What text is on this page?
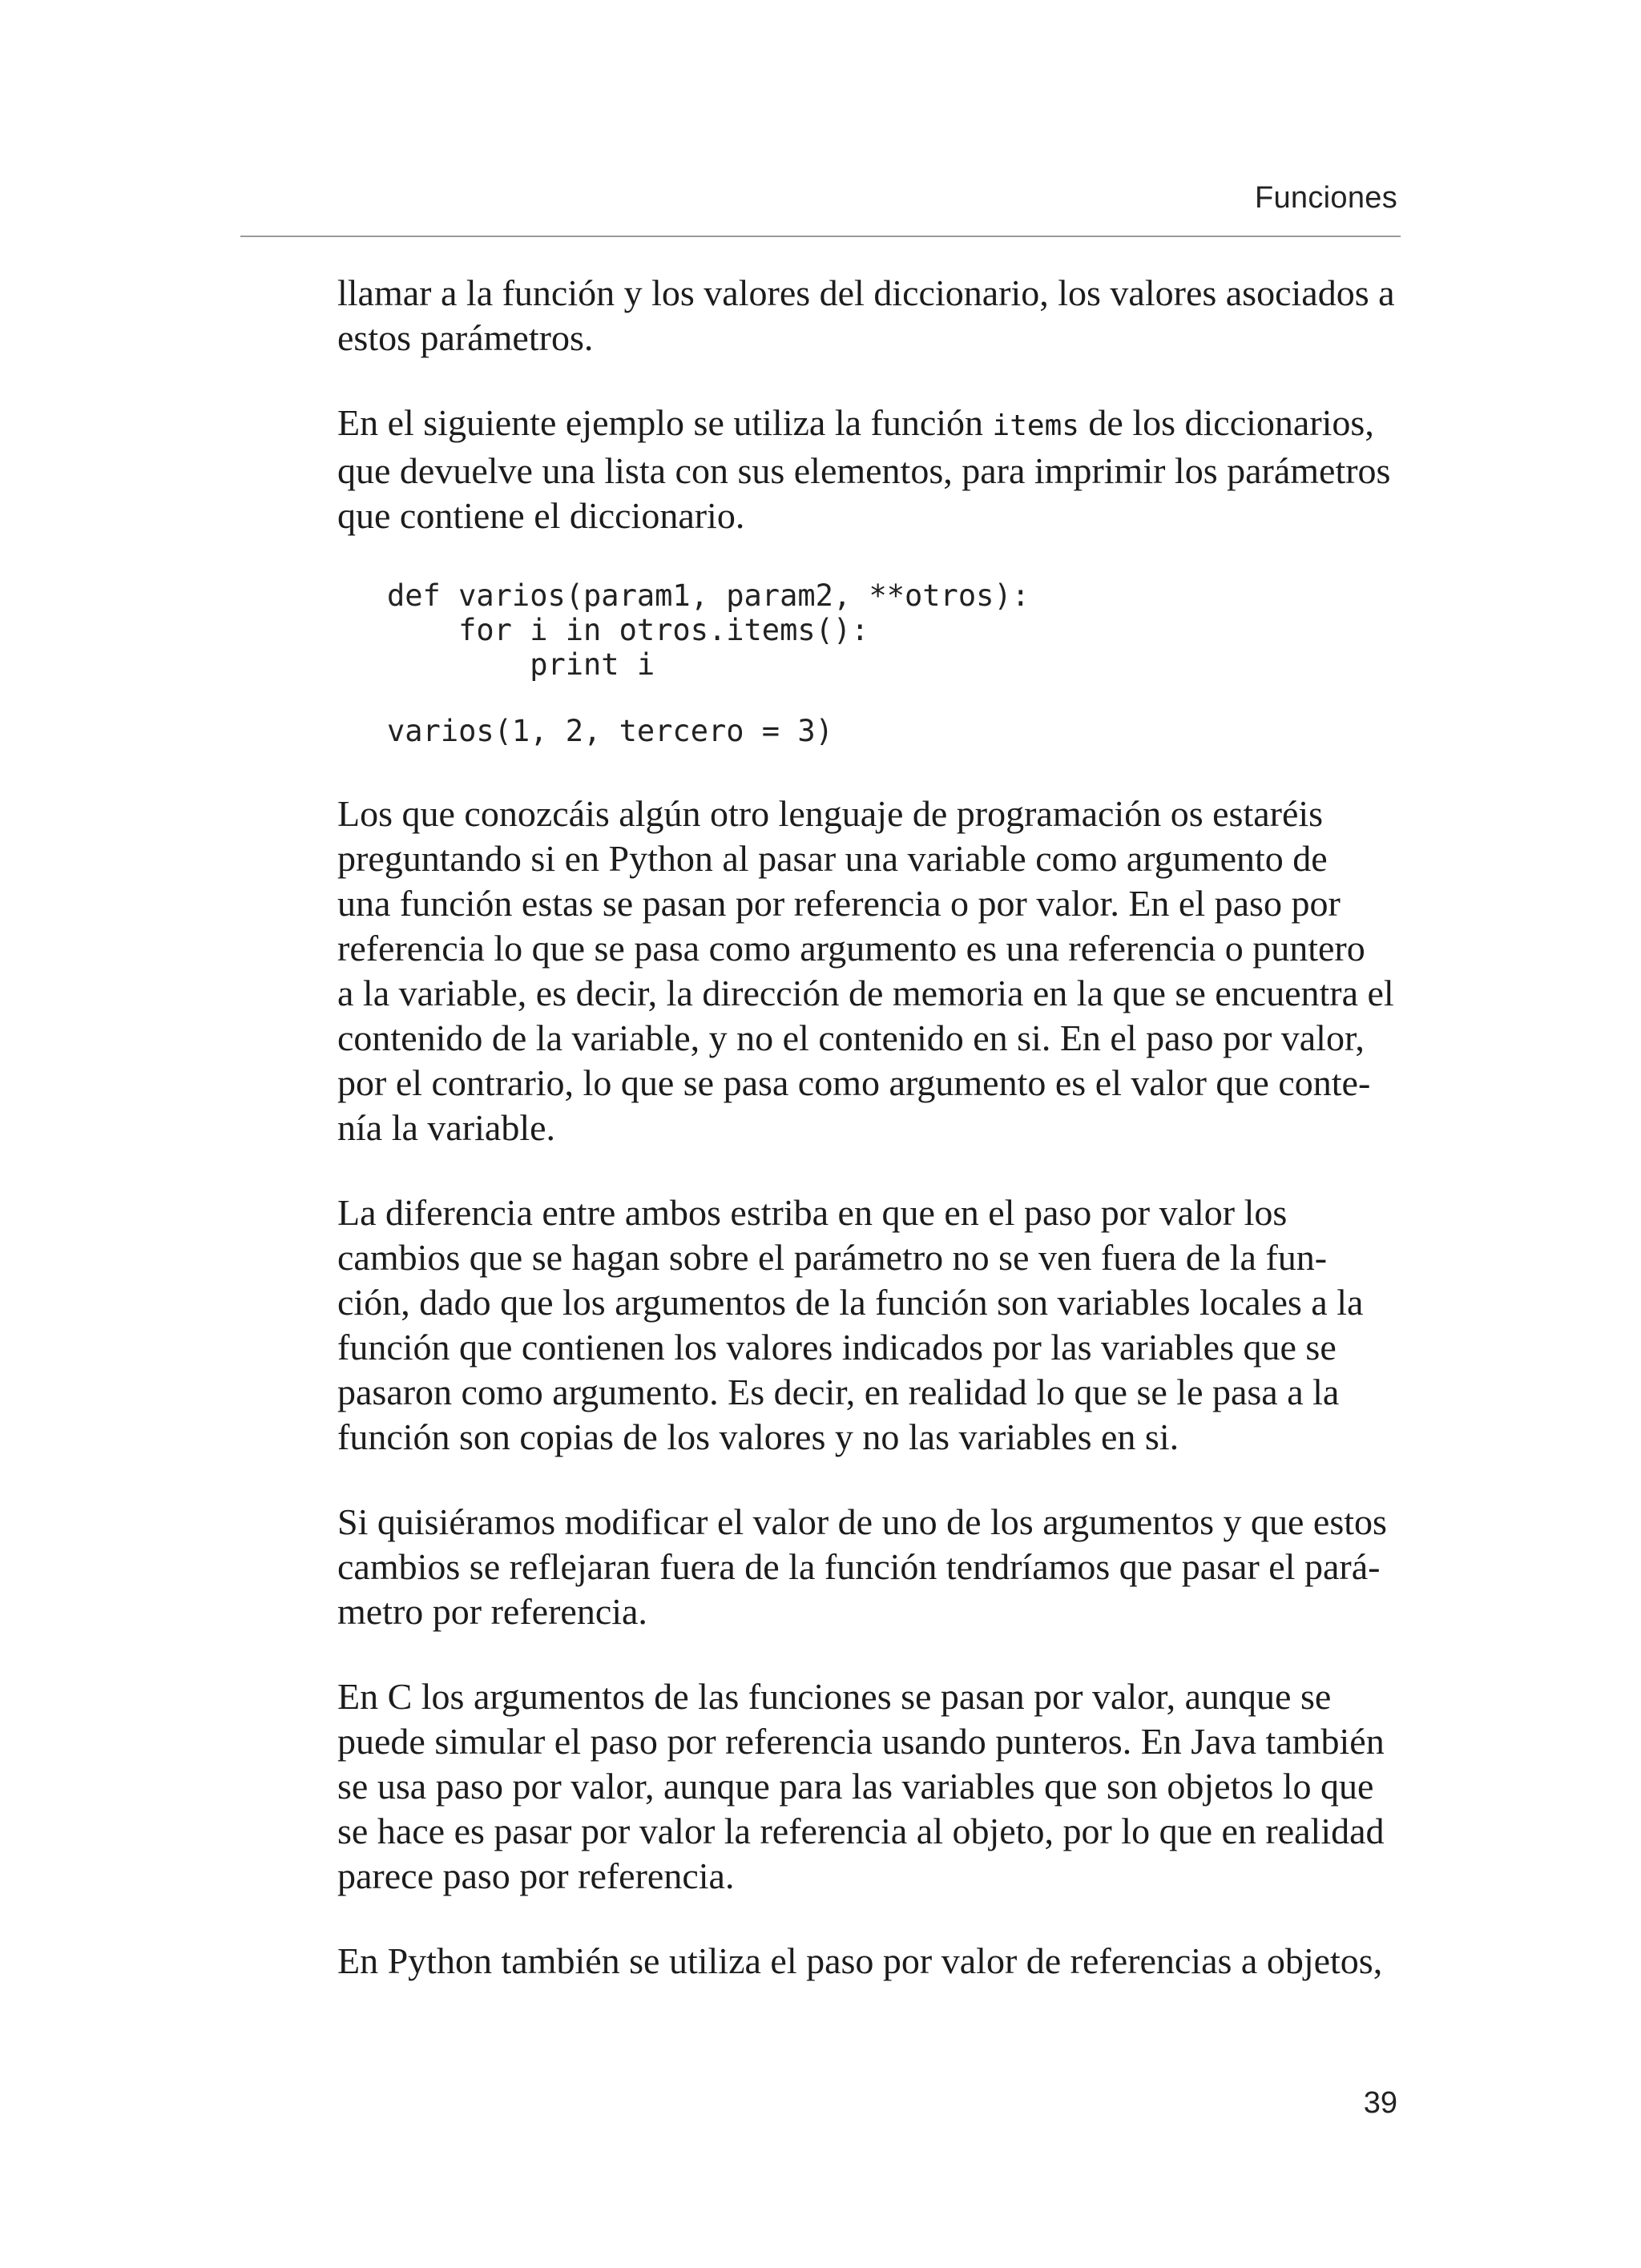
Funciones

llamar a la función y los valores del diccionario, los valores asociados a
estos parámetros.

En el siguiente ejemplo se utiliza la función items de los diccionarios,
que devuelve una lista con sus elementos, para imprimir los parámetros
que contiene el diccionario.

def varios(param1, param2, **otros):
for i in otros.items():
print i
varios(1, 2, tercero = 3)

Los que conozcáis algún otro lenguaje de programación os estaréis
preguntando si en Python al pasar una variable como argumento de
una función estas se pasan por referencia o por valor. En el paso por
referencia lo que se pasa como argumento es una referencia o puntero
a la variable, es decir, la dirección de memoria en la que se encuentra el
contenido de la variable, y no el contenido en si. En el paso por valor,
por el contrario, lo que se pasa como argumento es el valor que conte-
nía la variable.

La diferencia entre ambos estriba en que en el paso por valor los
cambios que se hagan sobre el parámetro no se ven fuera de la fun-
ción, dado que los argumentos de la función son variables locales a la
función que contienen los valores indicados por las variables que se
pasaron como argumento. Es decir, en realidad lo que se le pasa a la
función son copias de los valores y no las variables en si.

Si quisiéramos modificar el valor de uno de los argumentos y que estos
cambios se reflejaran fuera de la función tendríamos que pasar el pará-
metro por referencia.

En C los argumentos de las funciones se pasan por valor, aunque se
puede simular el paso por referencia usando punteros. En Java también
se usa paso por valor, aunque para las variables que son objetos lo que
se hace es pasar por valor la referencia al objeto, por lo que en realidad
parece paso por referencia.

En Python también se utiliza el paso por valor de referencias a objetos,

39
